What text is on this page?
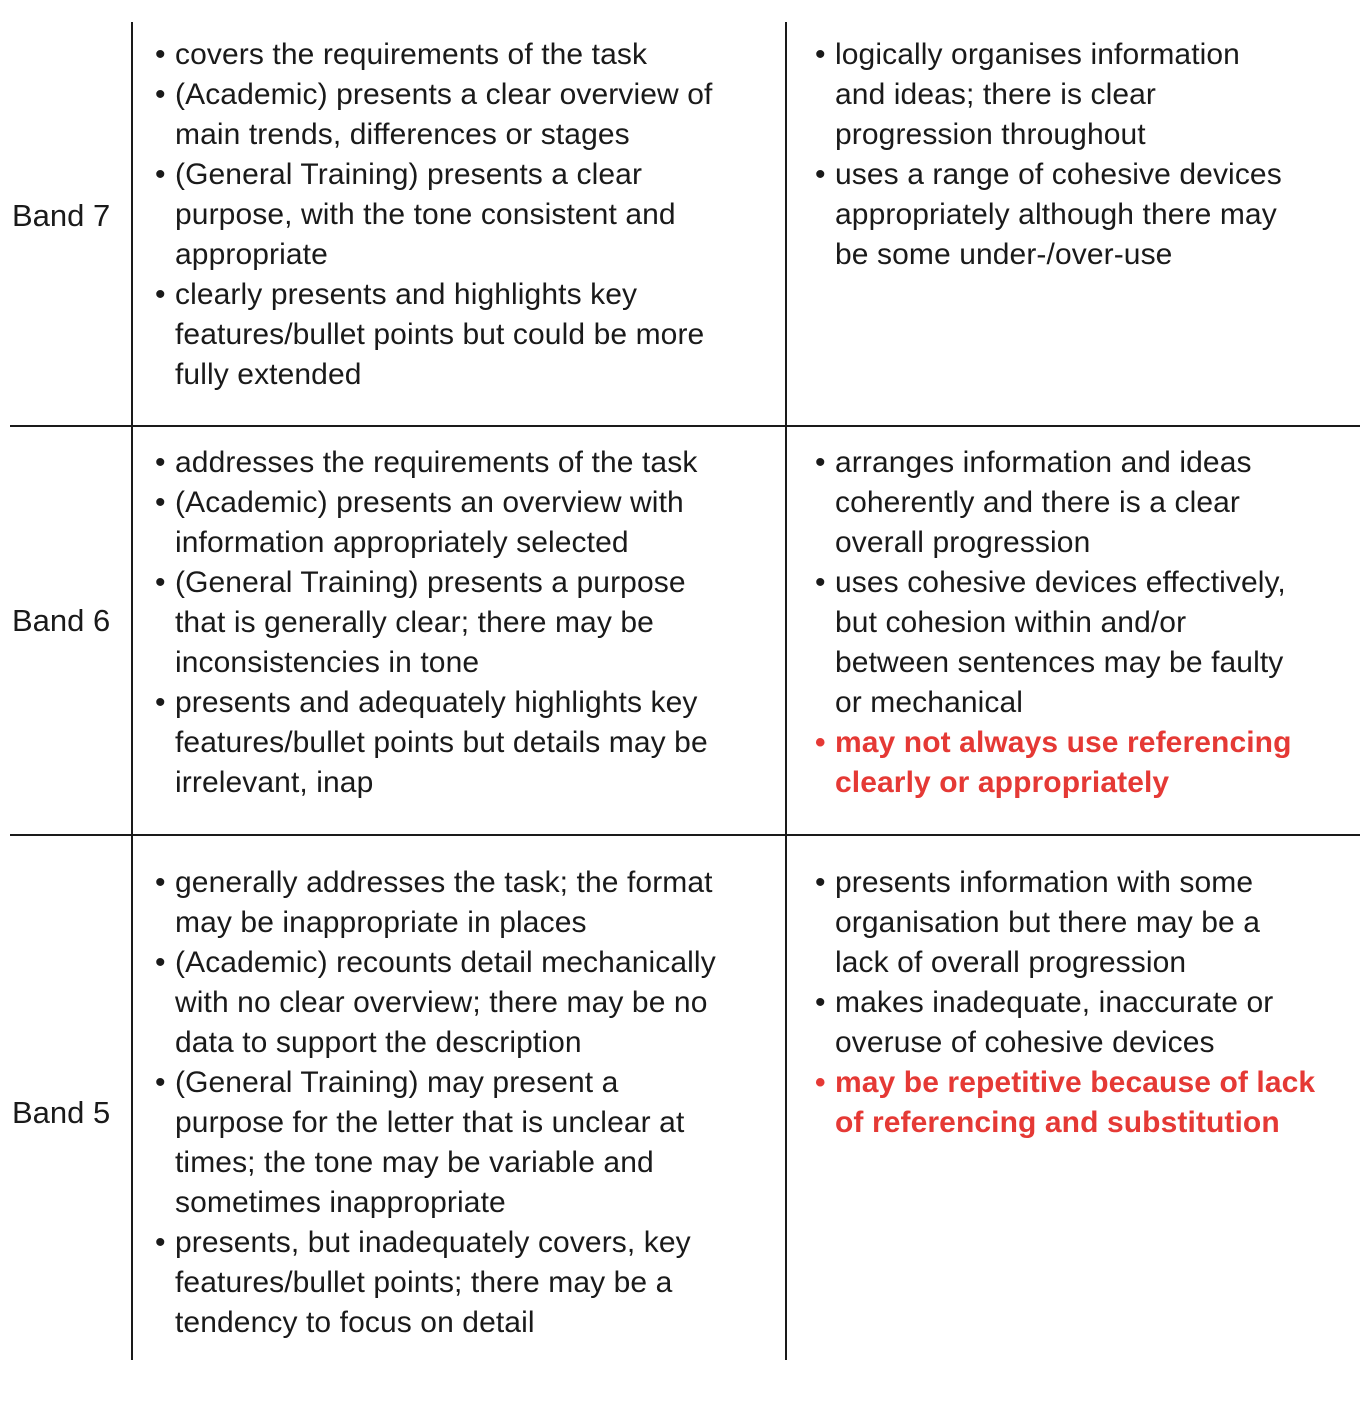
Band 7
• covers the requirements of the task
• (Academic) presents a clear overview of
main trends, differences or stages
• (General Training) presents a clear
purpose, with the tone consistent and
appropriate
• clearly presents and highlights key
features/bullet points but could be more
fully extended
• logically organises information
and ideas; there is clear
progression throughout
• uses a range of cohesive devices
appropriately although there may
be some under-/over-use
Band 6
• addresses the requirements of the task
• (Academic) presents an overview with
information appropriately selected
• (General Training) presents a purpose
that is generally clear; there may be
inconsistencies in tone
• presents and adequately highlights key
features/bullet points but details may be
irrelevant, inap
• arranges information and ideas
coherently and there is a clear
overall progression
• uses cohesive devices effectively,
but cohesion within and/or
between sentences may be faulty
or mechanical
• may not always use referencing
clearly or appropriately
Band 5
• generally addresses the task; the format
may be inappropriate in places
• (Academic) recounts detail mechanically
with no clear overview; there may be no
data to support the description
• (General Training) may present a
purpose for the letter that is unclear at
times; the tone may be variable and
sometimes inappropriate
• presents, but inadequately covers, key
features/bullet points; there may be a
tendency to focus on detail
• presents information with some
organisation but there may be a
lack of overall progression
• makes inadequate, inaccurate or
overuse of cohesive devices
• may be repetitive because of lack
of referencing and substitution
